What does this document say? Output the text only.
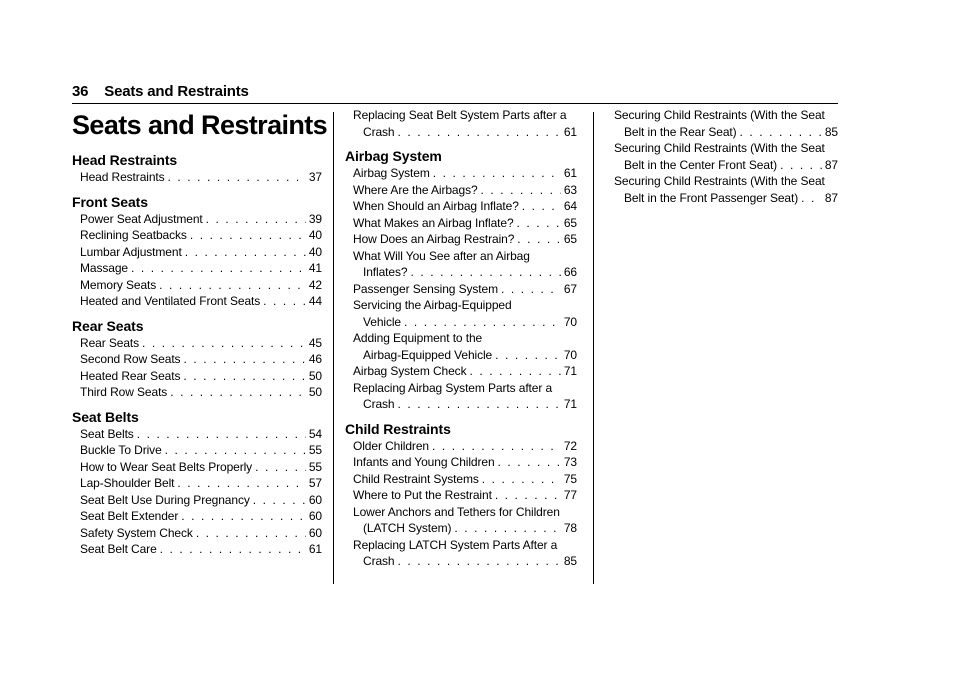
36 Seats and Restraints
Seats and Restraints
Head Restraints
Head Restraints . . .	37
Front Seats
Power Seat Adjustment . . .	39
Reclining Seatbacks . . .	40
Lumbar Adjustment . . .	40
Massage . . .	41
Memory Seats . . .	42
Heated and Ventilated Front Seats . . .	44
Rear Seats
Rear Seats . . .	45
Second Row Seats . . .	46
Heated Rear Seats . . .	50
Third Row Seats . . .	50
Seat Belts
Seat Belts . . .	54
Buckle To Drive . . .	55
How to Wear Seat Belts Properly . . .	55
Lap-Shoulder Belt . . .	57
Seat Belt Use During Pregnancy . . .	60
Seat Belt Extender . . .	60
Safety System Check . . .	60
Seat Belt Care . . .	61
Replacing Seat Belt System Parts after a
Crash . . .	61
Airbag System
Airbag System . . .	61
Where Are the Airbags? . . .	63
When Should an Airbag Inflate? . . .	64
What Makes an Airbag Inflate? . . .	65
How Does an Airbag Restrain? . . .	65
What Will You See after an Airbag
Inflates? . . .	66
Passenger Sensing System . . .	67
Servicing the Airbag-Equipped
Vehicle . . .	70
Adding Equipment to the
Airbag-Equipped Vehicle . . .	70
Airbag System Check . . .	71
Replacing Airbag System Parts after a
Crash . . .	71
Child Restraints
Older Children . . .	72
Infants and Young Children . . .	73
Child Restraint Systems . . .	75
Where to Put the Restraint . . .	77
Lower Anchors and Tethers for Children
(LATCH System) . . .	78
Replacing LATCH System Parts After a
Crash . . .	85
Securing Child Restraints (With the Seat
Belt in the Rear Seat) . . .	85
Securing Child Restraints (With the Seat
Belt in the Center Front Seat) . . .	87
Securing Child Restraints (With the Seat
Belt in the Front Passenger Seat) . . . 87
